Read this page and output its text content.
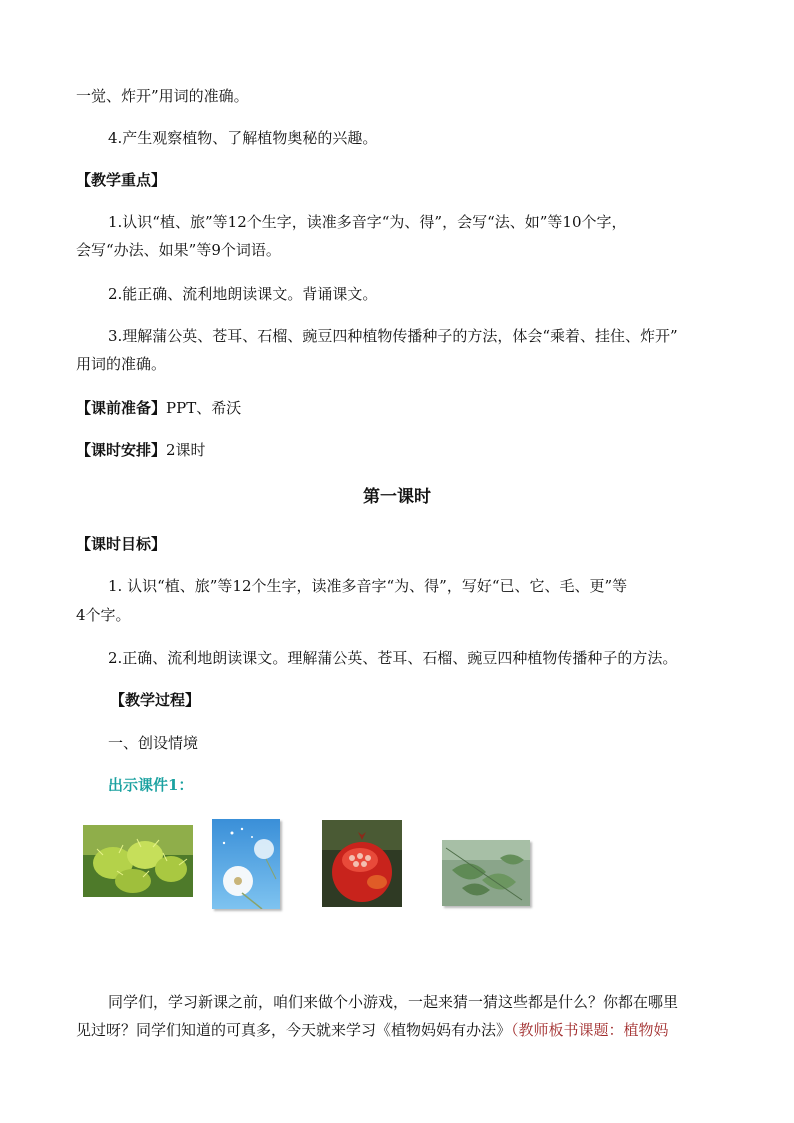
一觉、炸开”用词的准确。
4.产生观察植物、了解植物奥秘的兴趣。
【教学重点】
1.认识“植、旅”等12个生字，读准多音字“为、得”，会写“法、如”等10个字，
会写“办法、如果”等9个词语。
2.能正确、流利地朗读课文。背诵课文。
3.理解蒲公英、苍耳、石榴、豌豆四种植物传播种子的方法，体会“乘着、挂住、炸开”
用词的准确。
【课前准备】PPT、希沃
【课时安排】2课时
第一课时
【课时目标】
1. 认识“植、旅”等12个生字，读准多音字“为、得”，写好“已、它、毛、更”等
4个字。
2.正确、流利地朗读课文。理解蒲公英、苍耳、石榴、豌豆四种植物传播种子的方法。
【教学过程】
一、创设情境
出示课件1：
同学们，学习新课之前，咱们来做个小游戏，一起来猜一猜这些都是什么？你都在哪里
见过呀？同学们知道的可真多，今天就来学习《植物妈妈有办法》（教师板书课题：植物妈
